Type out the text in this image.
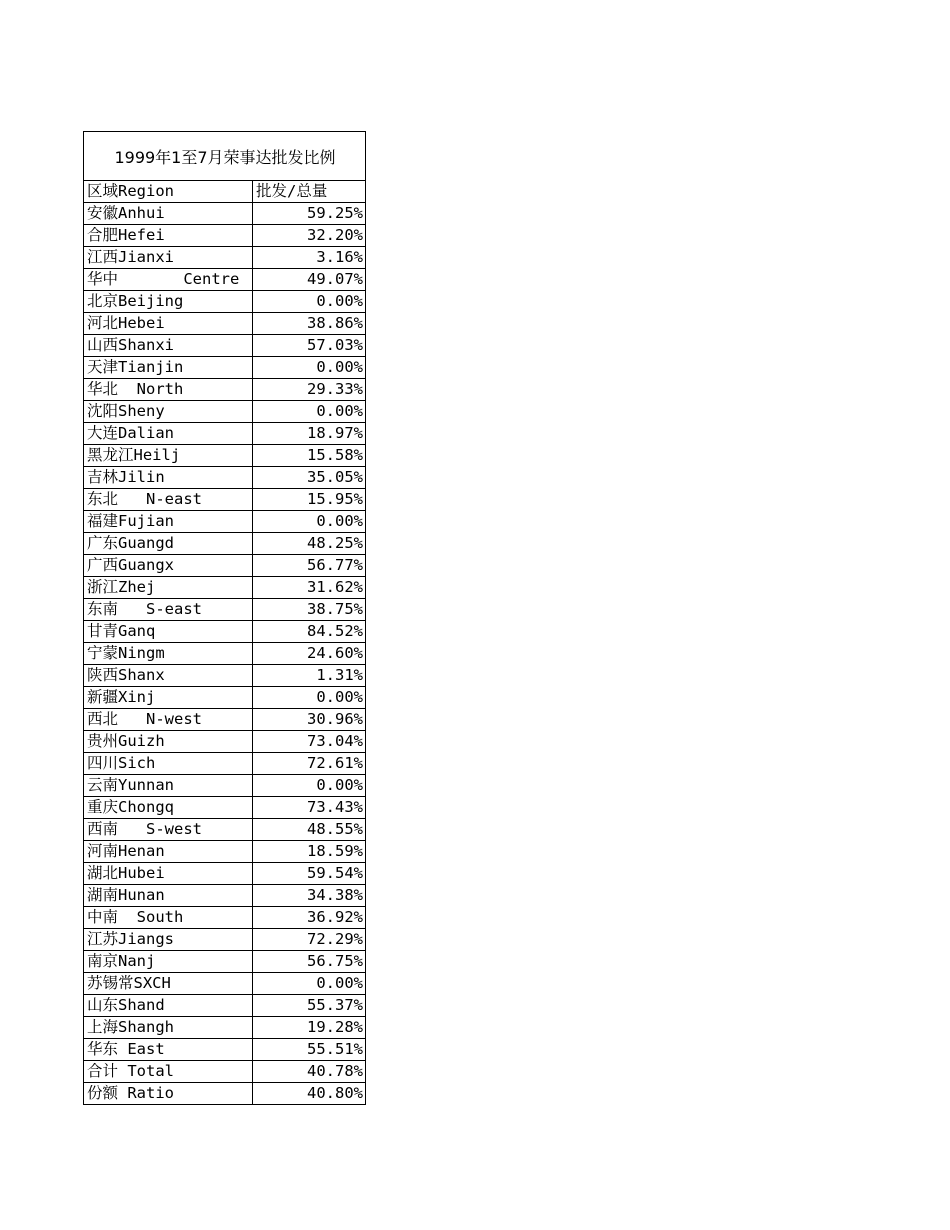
1999年1至7月荣事达批发比例	
区域Region	批发/总量
安徽Anhui	59.25%
合肥Hefei	32.20%
江西Jianxi	3.16%
华中       Centre	49.07%
北京Beijing	0.00%
河北Hebei	38.86%
山西Shanxi	57.03%
天津Tianjin	0.00%
华北  North	29.33%
沈阳Sheny	0.00%
大连Dalian	18.97%
黑龙江Heilj	15.58%
吉林Jilin	35.05%
东北   N-east	15.95%
福建Fujian	0.00%
广东Guangd	48.25%
广西Guangx	56.77%
浙江Zhej	31.62%
东南   S-east	38.75%
甘青Ganq	84.52%
宁蒙Ningm	24.60%
陕西Shanx	1.31%
新疆Xinj	0.00%
西北   N-west	30.96%
贵州Guizh	73.04%
四川Sich	72.61%
云南Yunnan	0.00%
重庆Chongq	73.43%
西南   S-west	48.55%
河南Henan	18.59%
湖北Hubei	59.54%
湖南Hunan	34.38%
中南  South	36.92%
江苏Jiangs	72.29%
南京Nanj	56.75%
苏锡常SXCH	0.00%
山东Shand	55.37%
上海Shangh	19.28%
华东 East	55.51%
合计 Total	40.78%
份额 Ratio	40.80%
